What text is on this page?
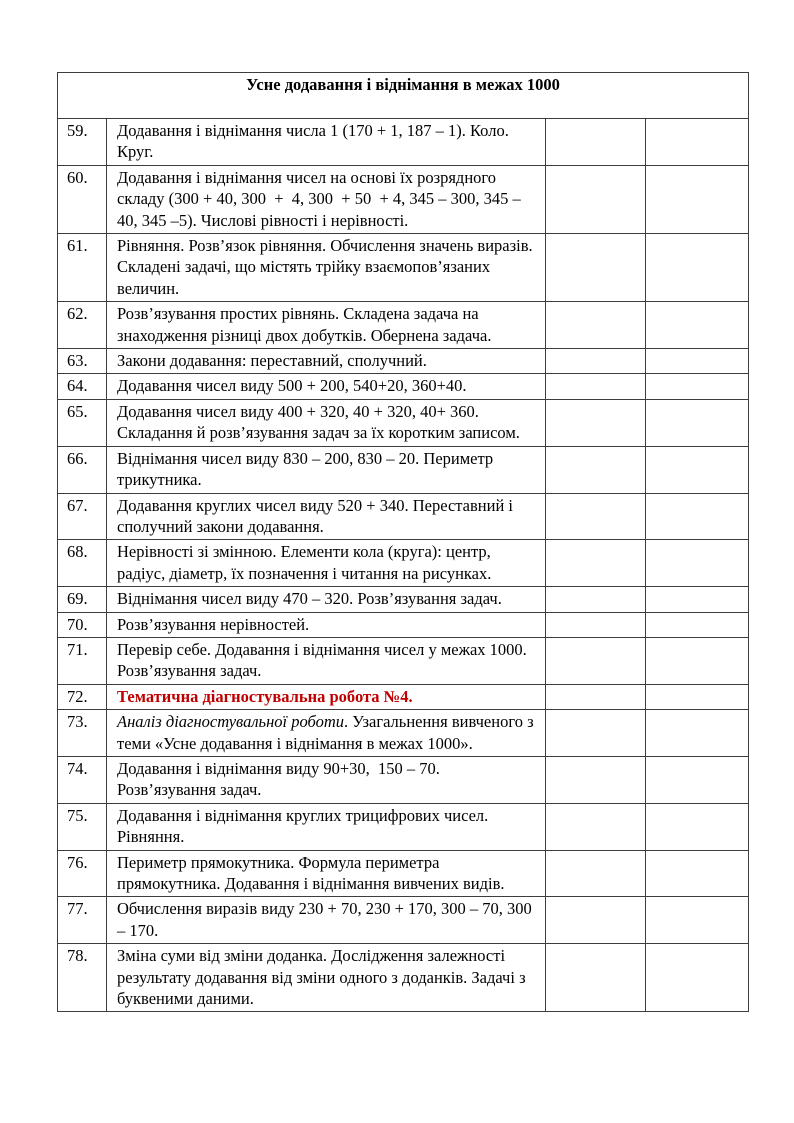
Усне додавання і віднімання в межах 1000			
59.	Додавання і віднімання числа 1 (170 + 1, 187 – 1). Коло. Круг.		
60.	Додавання і віднімання чисел на основі їх розрядного складу (300 + 40, 300  +  4, 300  + 50  + 4, 345 – 300, 345 – 40, 345 –5). Числові рівності і нерівності.		
61.	Рівняння. Розв’язок рівняння. Обчислення значень виразів. Складені задачі, що містять трійку взаємопов’язаних величин.		
62.	Розв’язування простих рівнянь. Складена задача на знаходження різниці двох добутків. Обернена задача.		
63.	Закони додавання: переставний, сполучний.		
64.	Додавання чисел виду 500 + 200, 540+20, 360+40.		
65.	Додавання чисел виду 400 + 320, 40 + 320, 40+ 360. Складання й розв’язування задач за їх коротким записом.		
66.	Віднімання чисел виду 830 – 200, 830 – 20. Периметр трикутника.		
67.	Додавання круглих чисел виду 520 + 340. Переставний і сполучний закони додавання.		
68.	Нерівності зі змінною. Елементи кола (круга): центр, радіус, діаметр, їх позначення і читання на рисунках.		
69.	Віднімання чисел виду 470 – 320. Розв’язування задач.		
70.	Розв’язування нерівностей.		
71.	Перевір себе. Додавання і віднімання чисел у межах 1000. Розв’язування задач.		
72.	Тематична діагностувальна робота №4.		
73.	Аналіз діагностувальної роботи. Узагальнення вивченого з теми «Усне додавання і віднімання в межах 1000».		
74.	Додавання і віднімання виду 90+30,  150 – 70. Розв’язування задач.		
75.	Додавання і віднімання круглих трицифрових чисел. Рівняння.		
76.	Периметр прямокутника. Формула периметра прямокутника. Додавання і віднімання вивчених видів.		
77.	Обчислення виразів виду 230 + 70, 230 + 170, 300 – 70, 300 – 170.		
78.	Зміна суми від зміни доданка. Дослідження залежності результату додавання від зміни одного з доданків. Задачі з буквеними даними.		
